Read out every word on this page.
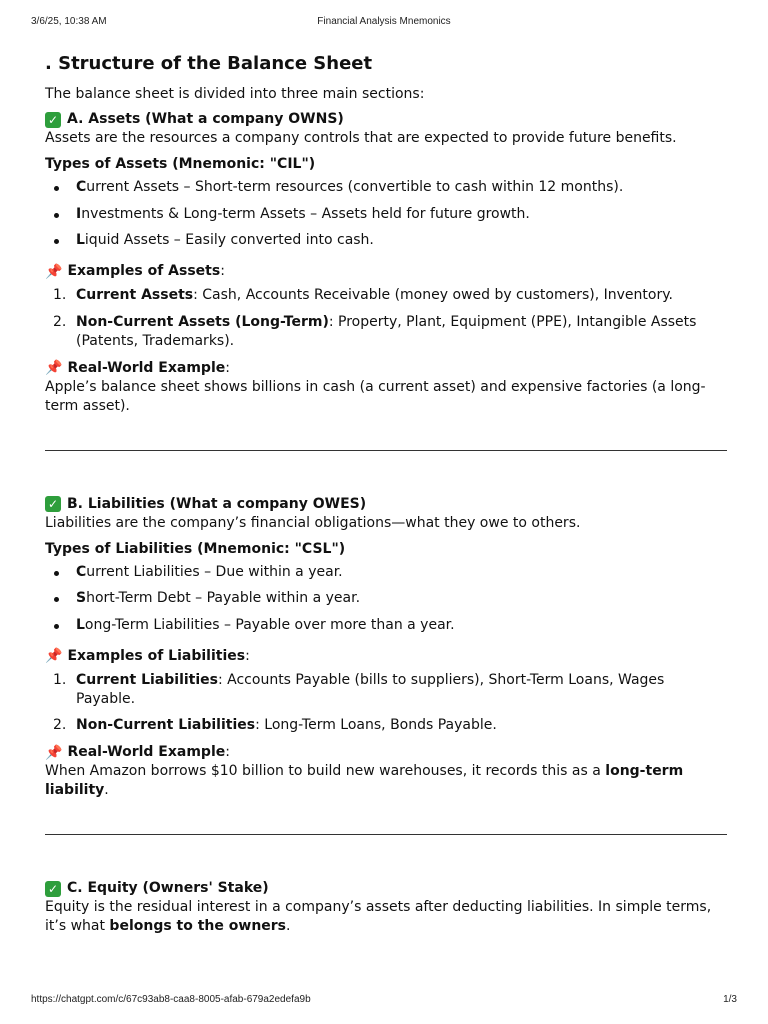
3/6/25, 10:38 AM	Financial Analysis Mnemonics
. Structure of the Balance Sheet

The balance sheet is divided into three main sections:

✓ A. Assets (What a company OWNS)

Assets are the resources a company controls that are expected to provide future benefits.

Types of Assets (Mnemonic: "CIL")
Current Assets – Short-term resources (convertible to cash within 12 months).
Investments & Long-term Assets – Assets held for future growth.
Liquid Assets – Easily converted into cash.
📌 Examples of Assets :
1. Current Assets: Cash, Accounts Receivable (money owed by customers), Inventory.
2. Non-Current Assets (Long-Term): Property, Plant, Equipment (PPE), Intangible Assets (Patents, Trademarks).
📌 Real-World Example :

Apple’s balance sheet shows billions in cash (a current asset) and expensive factories (a long-term asset).

✓ B. Liabilities (What a company OWES)

Liabilities are the company’s financial obligations—what they owe to others.

Types of Liabilities (Mnemonic: "CSL")
Current Liabilities – Due within a year.
Short-Term Debt – Payable within a year.
Long-Term Liabilities – Payable over more than a year.
📌 Examples of Liabilities :
1. Current Liabilities: Accounts Payable (bills to suppliers), Short-Term Loans, Wages Payable.
2. Non-Current Liabilities: Long-Term Loans, Bonds Payable.
📌 Real-World Example :

When Amazon borrows $10 billion to build new warehouses, it records this as a long-term liability.

✓ C. Equity (Owners' Stake)

Equity is the residual interest in a company’s assets after deducting liabilities. In simple terms, it’s what belongs to the owners.

https://chatgpt.com/c/67c93ab8-caa8-8005-afab-679a2edefa9b	1/3
